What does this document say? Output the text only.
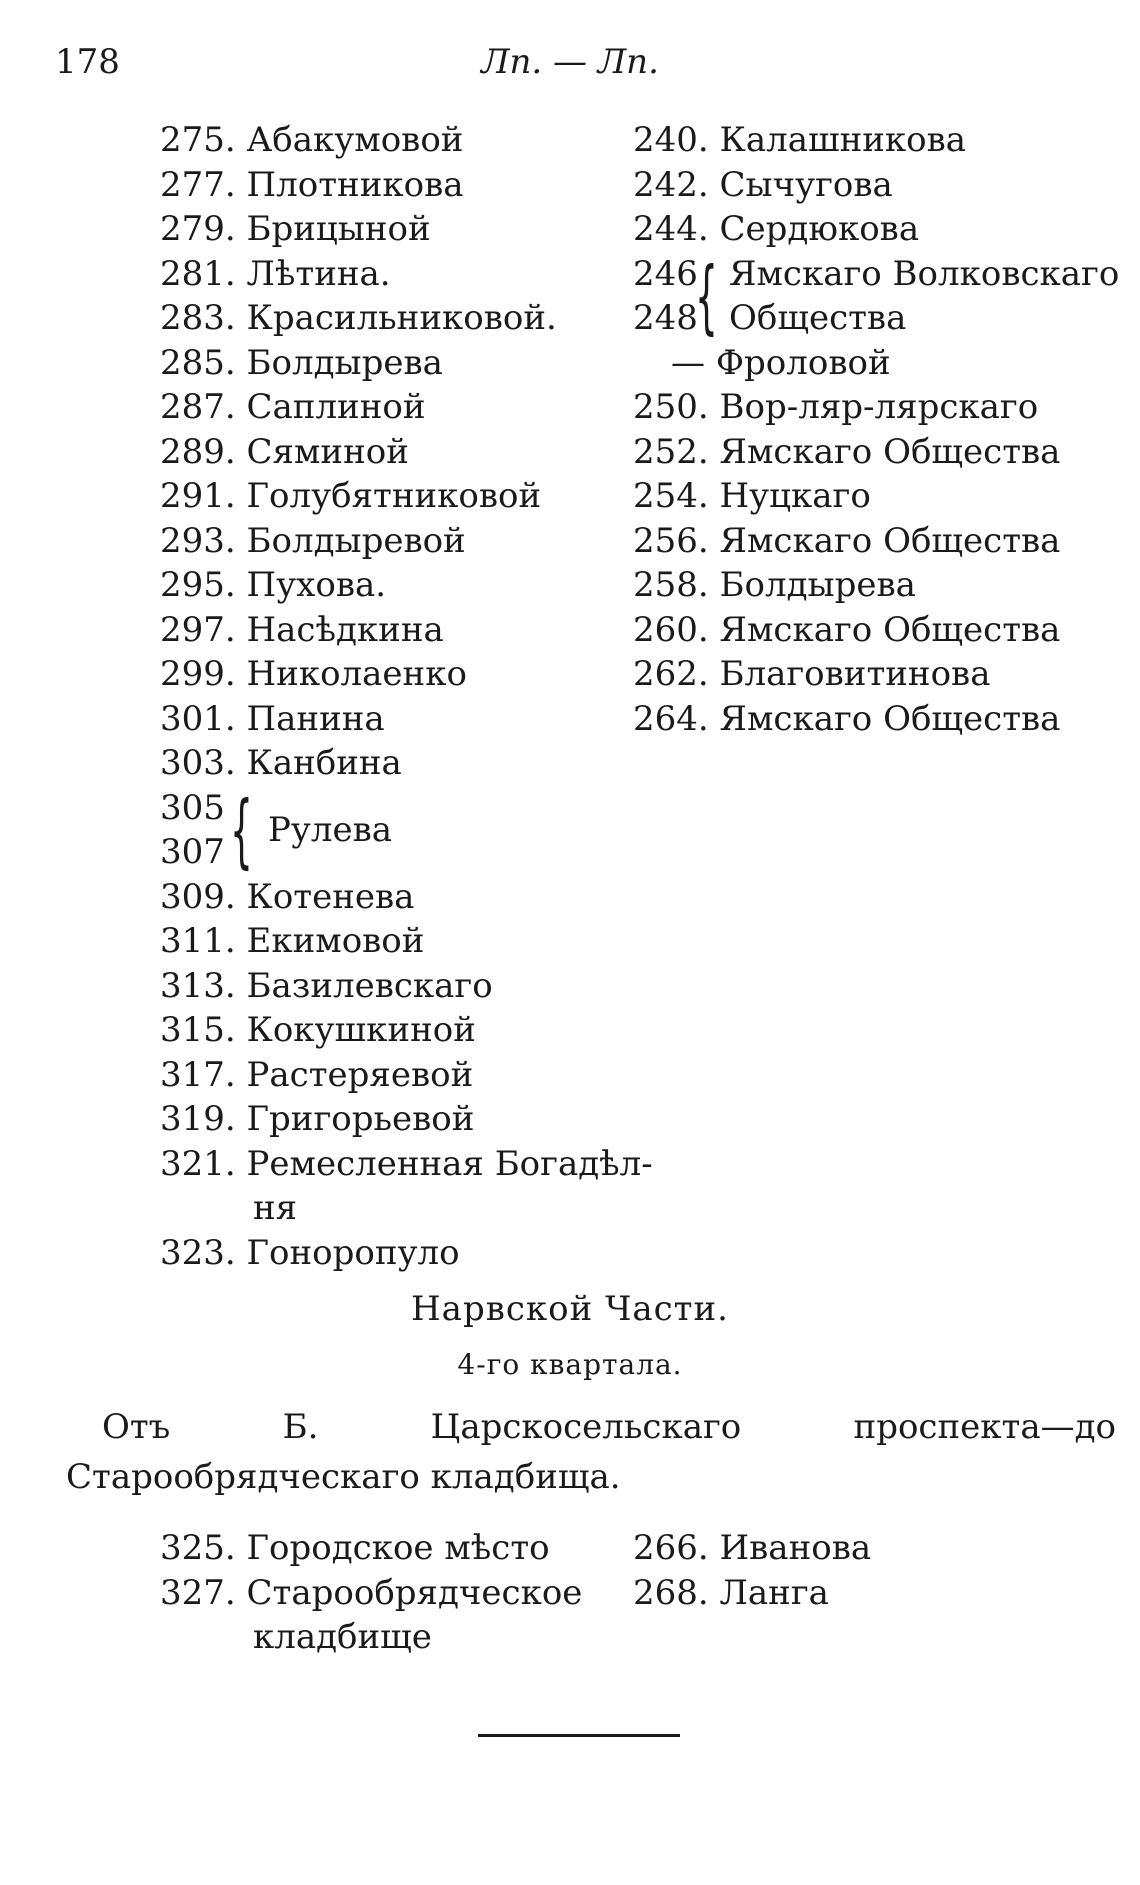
178	Лп. — Лп.
275. Абакумовой
277. Плотникова
279. Брицыной
281. Лѣтина.
283. Красильниковой.
285. Болдырева
287. Саплиной
289. Сяминой
291. Голубятниковой
293. Болдыревой
295. Пухова.
297. Насѣдкина
299. Николаенко
301. Панина
303. Канбина
305
307 { Рулева
309. Котенева
311. Екимовой
313. Базилевскаго
315. Кокушкиной
317. Растеряевой
319. Григорьевой
321. Ремесленная Богадѣл-
ня
323. Гонoропуло
240. Калашникова
242. Сычугова
244. Сердюкова
246
248
{ Ямскаго Волковскаго
Общества
— Фроловой
250. Вор-ляр-лярскаго
252. Ямскаго Общества
254. Нуцкаго
256. Ямскаго Общества
258. Болдырева
260. Ямскаго Общества
262. Благовитинова
264. Ямскаго Общества
Нарвской Части.
4-го квартала.
Отъ Б. Царскосельскаго проспекта—до Старообрядческаго кладбища.
325. Городское мѣсто
327. Старообрядческое
кладбище
266. Иванова
268. Ланга
